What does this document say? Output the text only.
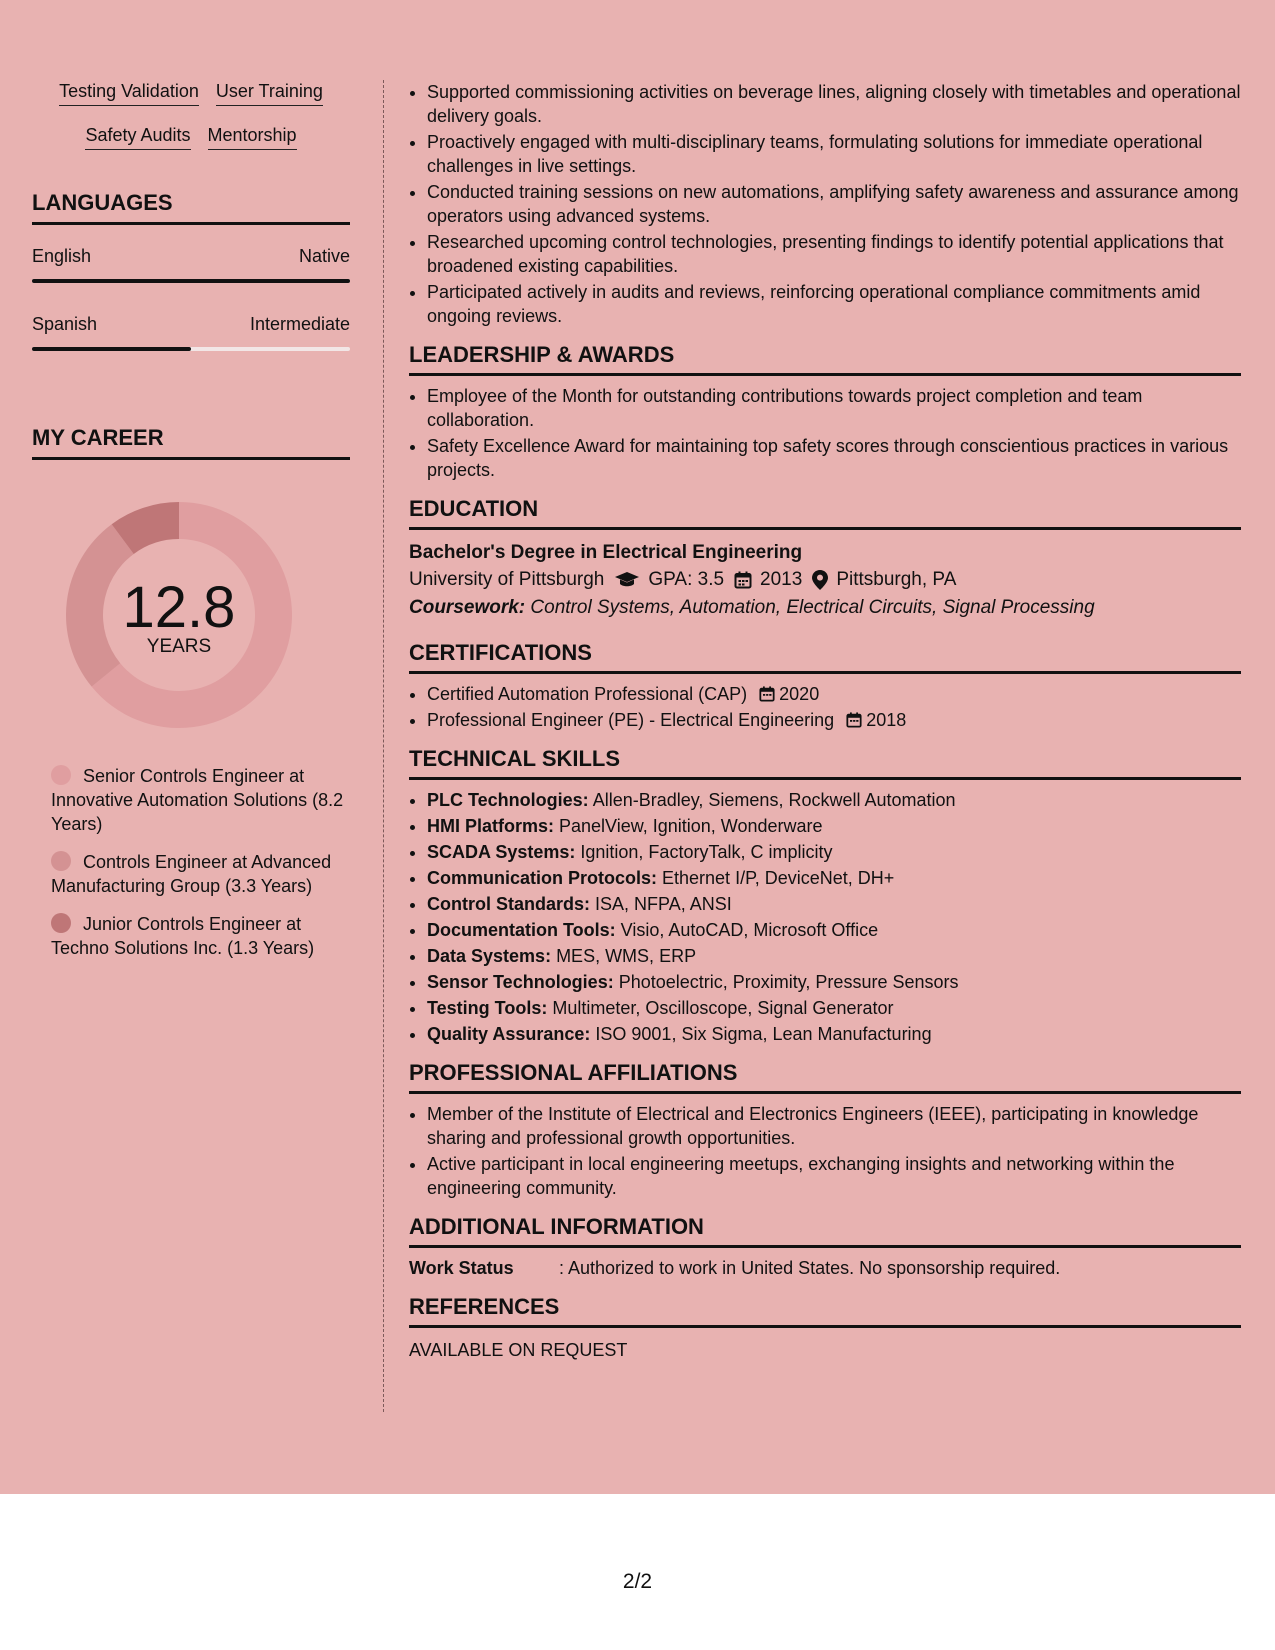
Testing Validation User Training
Safety Audits Mentorship
LANGUAGES
English	Native
Spanish	Intermediate
MY CAREER
12.8
YEARS
Senior Controls Engineer at Innovative Automation Solutions (8.2 Years)
Controls Engineer at Advanced Manufacturing Group (3.3 Years)
Junior Controls Engineer at Techno Solutions Inc. (1.3 Years)
• Supported commissioning activities on beverage lines, aligning closely with timetables and operational delivery goals.
• Proactively engaged with multi-disciplinary teams, formulating solutions for immediate operational challenges in live settings.
• Conducted training sessions on new automations, amplifying safety awareness and assurance among operators using advanced systems.
• Researched upcoming control technologies, presenting findings to identify potential applications that broadened existing capabilities.
• Participated actively in audits and reviews, reinforcing operational compliance commitments amid ongoing reviews.
LEADERSHIP & AWARDS
• Employee of the Month for outstanding contributions towards project completion and team collaboration.
• Safety Excellence Award for maintaining top safety scores through conscientious practices in various projects.
EDUCATION
Bachelor's Degree in Electrical Engineering
University of Pittsburgh GPA: 3.5 2013 Pittsburgh, PA
Coursework: Control Systems, Automation, Electrical Circuits, Signal Processing
CERTIFICATIONS
• Certified Automation Professional (CAP) 2020
• Professional Engineer (PE) - Electrical Engineering 2018
TECHNICAL SKILLS
• PLC Technologies: Allen-Bradley, Siemens, Rockwell Automation
• HMI Platforms: PanelView, Ignition, Wonderware
• SCADA Systems: Ignition, FactoryTalk, C implicity
• Communication Protocols: Ethernet I/P, DeviceNet, DH+
• Control Standards: ISA, NFPA, ANSI
• Documentation Tools: Visio, AutoCAD, Microsoft Office
• Data Systems: MES, WMS, ERP
• Sensor Technologies: Photoelectric, Proximity, Pressure Sensors
• Testing Tools: Multimeter, Oscilloscope, Signal Generator
• Quality Assurance: ISO 9001, Six Sigma, Lean Manufacturing
PROFESSIONAL AFFILIATIONS
• Member of the Institute of Electrical and Electronics Engineers (IEEE), participating in knowledge sharing and professional growth opportunities.
• Active participant in local engineering meetups, exchanging insights and networking within the engineering community.
ADDITIONAL INFORMATION
Work Status	: Authorized to work in United States. No sponsorship required.
REFERENCES
AVAILABLE ON REQUEST
2/2
